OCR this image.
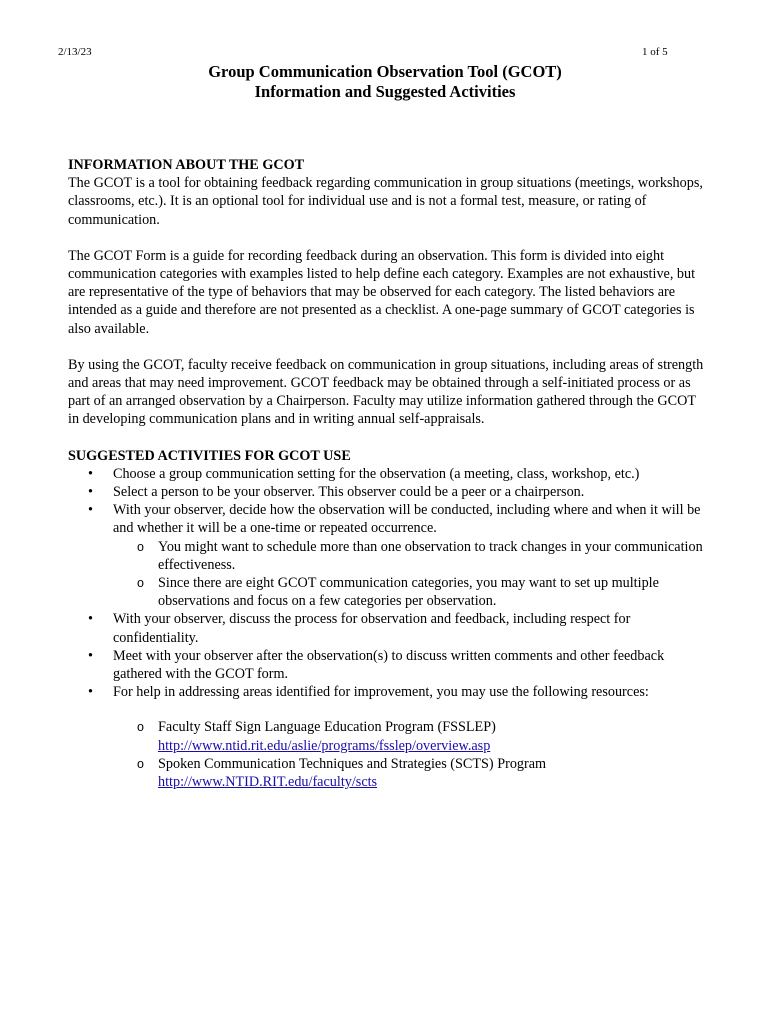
2/13/23	1 of 5
Group Communication Observation Tool (GCOT)
Information and Suggested Activities

INFORMATION ABOUT THE GCOT

The GCOT is a tool for obtaining feedback regarding communication in group situations (meetings, workshops, classrooms, etc.). It is an optional tool for individual use and is not a formal test, measure, or rating of communication.

The GCOT Form is a guide for recording feedback during an observation. This form is divided into eight communication categories with examples listed to help define each category. Examples are not exhaustive, but are representative of the type of behaviors that may be observed for each category. The listed behaviors are intended as a guide and therefore are not presented as a checklist. A one-page summary of GCOT categories is also available.

By using the GCOT, faculty receive feedback on communication in group situations, including areas of strength and areas that may need improvement. GCOT feedback may be obtained through a self-initiated process or as part of an arranged observation by a Chairperson. Faculty may utilize information gathered through the GCOT in developing communication plans and in writing annual self-appraisals.

SUGGESTED ACTIVITIES FOR GCOT USE

• Choose a group communication setting for the observation (a meeting, class, workshop, etc.)
• Select a person to be your observer. This observer could be a peer or a chairperson.
• With your observer, decide how the observation will be conducted, including where and when it will be and whether it will be a one-time or repeated occurrence.
o You might want to schedule more than one observation to track changes in your communication effectiveness.
o Since there are eight GCOT communication categories, you may want to set up multiple observations and focus on a few categories per observation.
• With your observer, discuss the process for observation and feedback, including respect for confidentiality.
• Meet with your observer after the observation(s) to discuss written comments and other feedback gathered with the GCOT form.
• For help in addressing areas identified for improvement, you may use the following resources:
o Faculty Staff Sign Language Education Program (FSSLEP)
http://www.ntid.rit.edu/aslie/programs/fsslep/overview.asp
o Spoken Communication Techniques and Strategies (SCTS) Program
http://www.NTID.RIT.edu/faculty/scts
